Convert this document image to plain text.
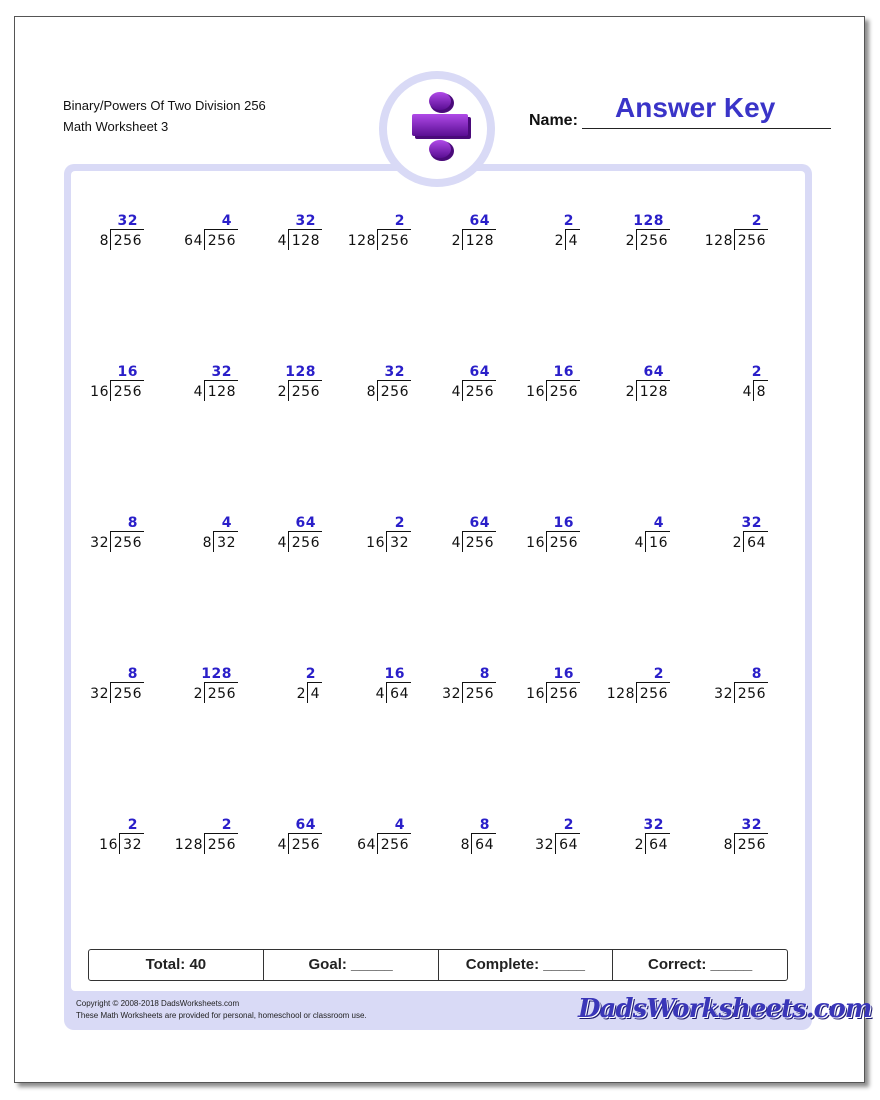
Binary/Powers Of Two Division 256
Math Worksheet 3	Name: Answer Key
32
256
8
4
256
64
32
128
4
2
256
128
64
128
2
2
4
2
128
256
2
2
256
128
16
256
16
32
128
4
128
256
2
32
256
8
64
256
4
16
256
16
64
128
2
2
8
4
8
256
32
4
32
8
64
256
4
2
32
16
64
256
4
16
256
16
4
16
4
32
64
2
8
256
32
128
256
2
2
4
2
16
64
4
8
256
32
16
256
16
2
256
128
8
256
32
2
32
16
2
256
128
64
256
4
4
256
64
8
64
8
2
64
32
32
64
2
32
256
8
Total: 40	Goal: _____	Complete: _____	Correct: _____
Copyright © 2008-2018 DadsWorksheets.com
These Math Worksheets are provided for personal, homeschool or classroom use.	DadsWorksheets.com
